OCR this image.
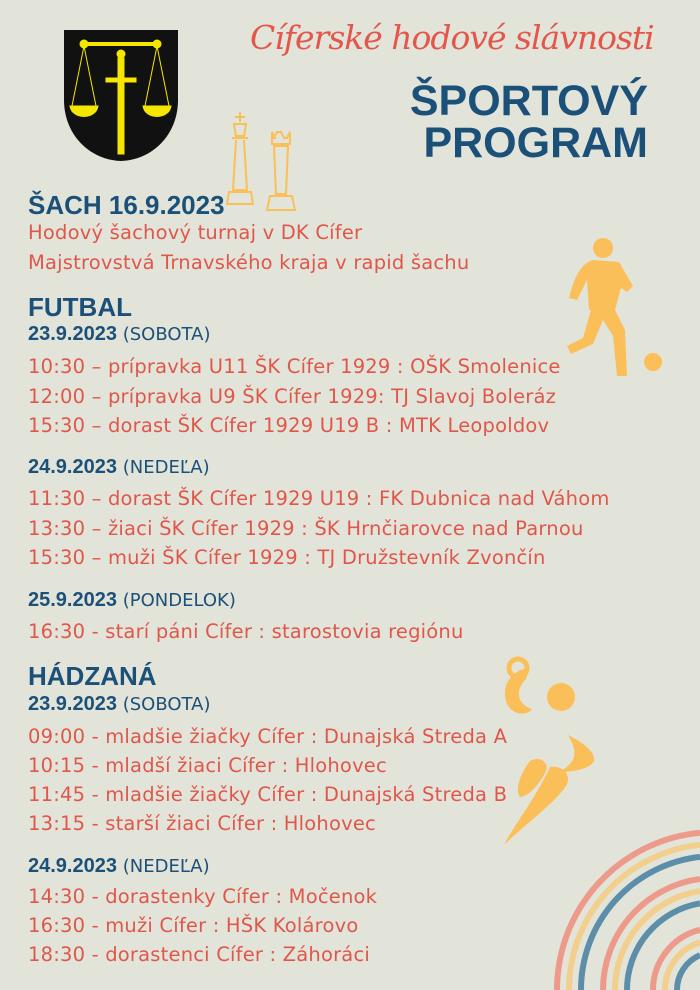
Cíferské hodové slávnosti
ŠPORTOVÝ
PROGRAM
ŠACH 16.9.2023
Hodový šachový turnaj v DK Cífer
Majstrovstvá Trnavského kraja v rapid šachu
FUTBAL
23.9.2023 (SOBOTA)
10:30 – prípravka U11 ŠK Cífer 1929 : OŠK Smolenice
12:00 – prípravka U9 ŠK Cífer 1929: TJ Slavoj Boleráz
15:30 – dorast ŠK Cífer 1929 U19 B : MTK Leopoldov
24.9.2023 (NEDEĽA)
11:30 – dorast ŠK Cífer 1929 U19 : FK Dubnica nad Váhom
13:30 – žiaci ŠK Cífer 1929 : ŠK Hrnčiarovce nad Parnou
15:30 – muži ŠK Cífer 1929 : TJ Družstevník Zvončín
25.9.2023 (PONDELOK)
16:30 - starí páni Cífer : starostovia regiónu
HÁDZANÁ
23.9.2023 (SOBOTA)
09:00 - mladšie žiačky Cífer : Dunajská Streda A
10:15 - mladší žiaci Cífer : Hlohovec
11:45 - mladšie žiačky Cífer : Dunajská Streda B
13:15 - starší žiaci Cífer : Hlohovec
24.9.2023 (NEDEĽA)
14:30 - dorastenky Cífer : Močenok
16:30 - muži Cífer : HŠK Kolárovo
18:30 - dorastenci Cífer : Záhoráci
